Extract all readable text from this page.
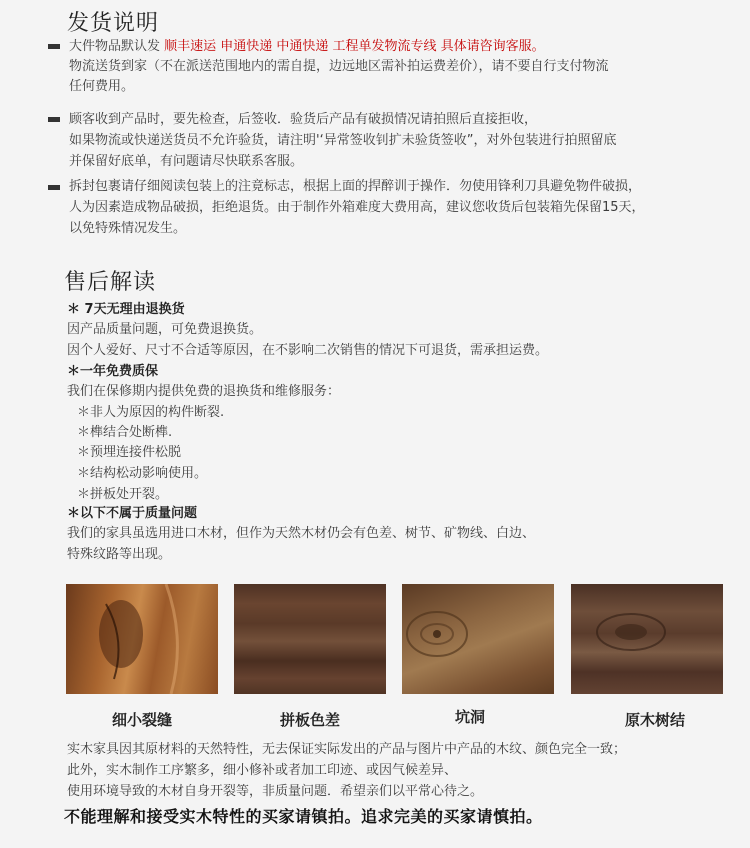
发货说明
大件物品默认发 顺丰速运 申通快递 中通快递 工程单发物流专线 具体请咨询客服。
物流送货到家（不在派送范围地内的需自提，边远地区需补拍运费差价），请不要自行支付物流
任何费用。
顾客收到产品时，要先检查，后签收．验货后产品有破损情况请拍照后直接拒收，
如果物流或快递送货员不允许验货，请注明'‘异常签收钊扩未验货签收”，对外包装进行拍照留底
并保留好底单，有问题请尽快联系客服。
拆封包裹请仔细阅读包装上的注竟标志，根据上面的捍醉训于操作．勿使用锋利刀具避免物件破损，
人为因素造成物品破损，拒绝退货。由于制作外箱难度大费用高，建议您收货后包装箱先保留15天，
以免特殊情况发生。
售后解读
＊ 7天无理由退换货
因产品质量问题，可免费退换货。
因个人爱好、尺寸不合适等原因，在不影响二次销售的情况下可退货，需承担运费。
＊一年免费质保
我们在保修期内提供免费的退换货和维修服务：
＊非人为原因的构件断裂.
＊榫结合处断榫.
＊预埋连接件松脱
＊结构松动影响使用。
＊拼板处开裂。
＊以下不属于质量问题
我们的家具虽选用进口木材，但作为天然木材仍会有色差、树节、矿物线、白边、
特殊纹路等出现。
细小裂缝	拼板色差	坑洞	原木树结
实木家具因其原材料的天然特性，无去保证实际发出的产品与图片中产品的木纹、颜色完全一致；
此外，实木制作工序繁多，细小修补或者加工印迹、或因气候差异、
使用环境导致的木材自身开裂等，非质量问题．希望亲们以平常心待之。
不能理解和接受实木特性的买家请镇拍。追求完美的买家请慎拍。
